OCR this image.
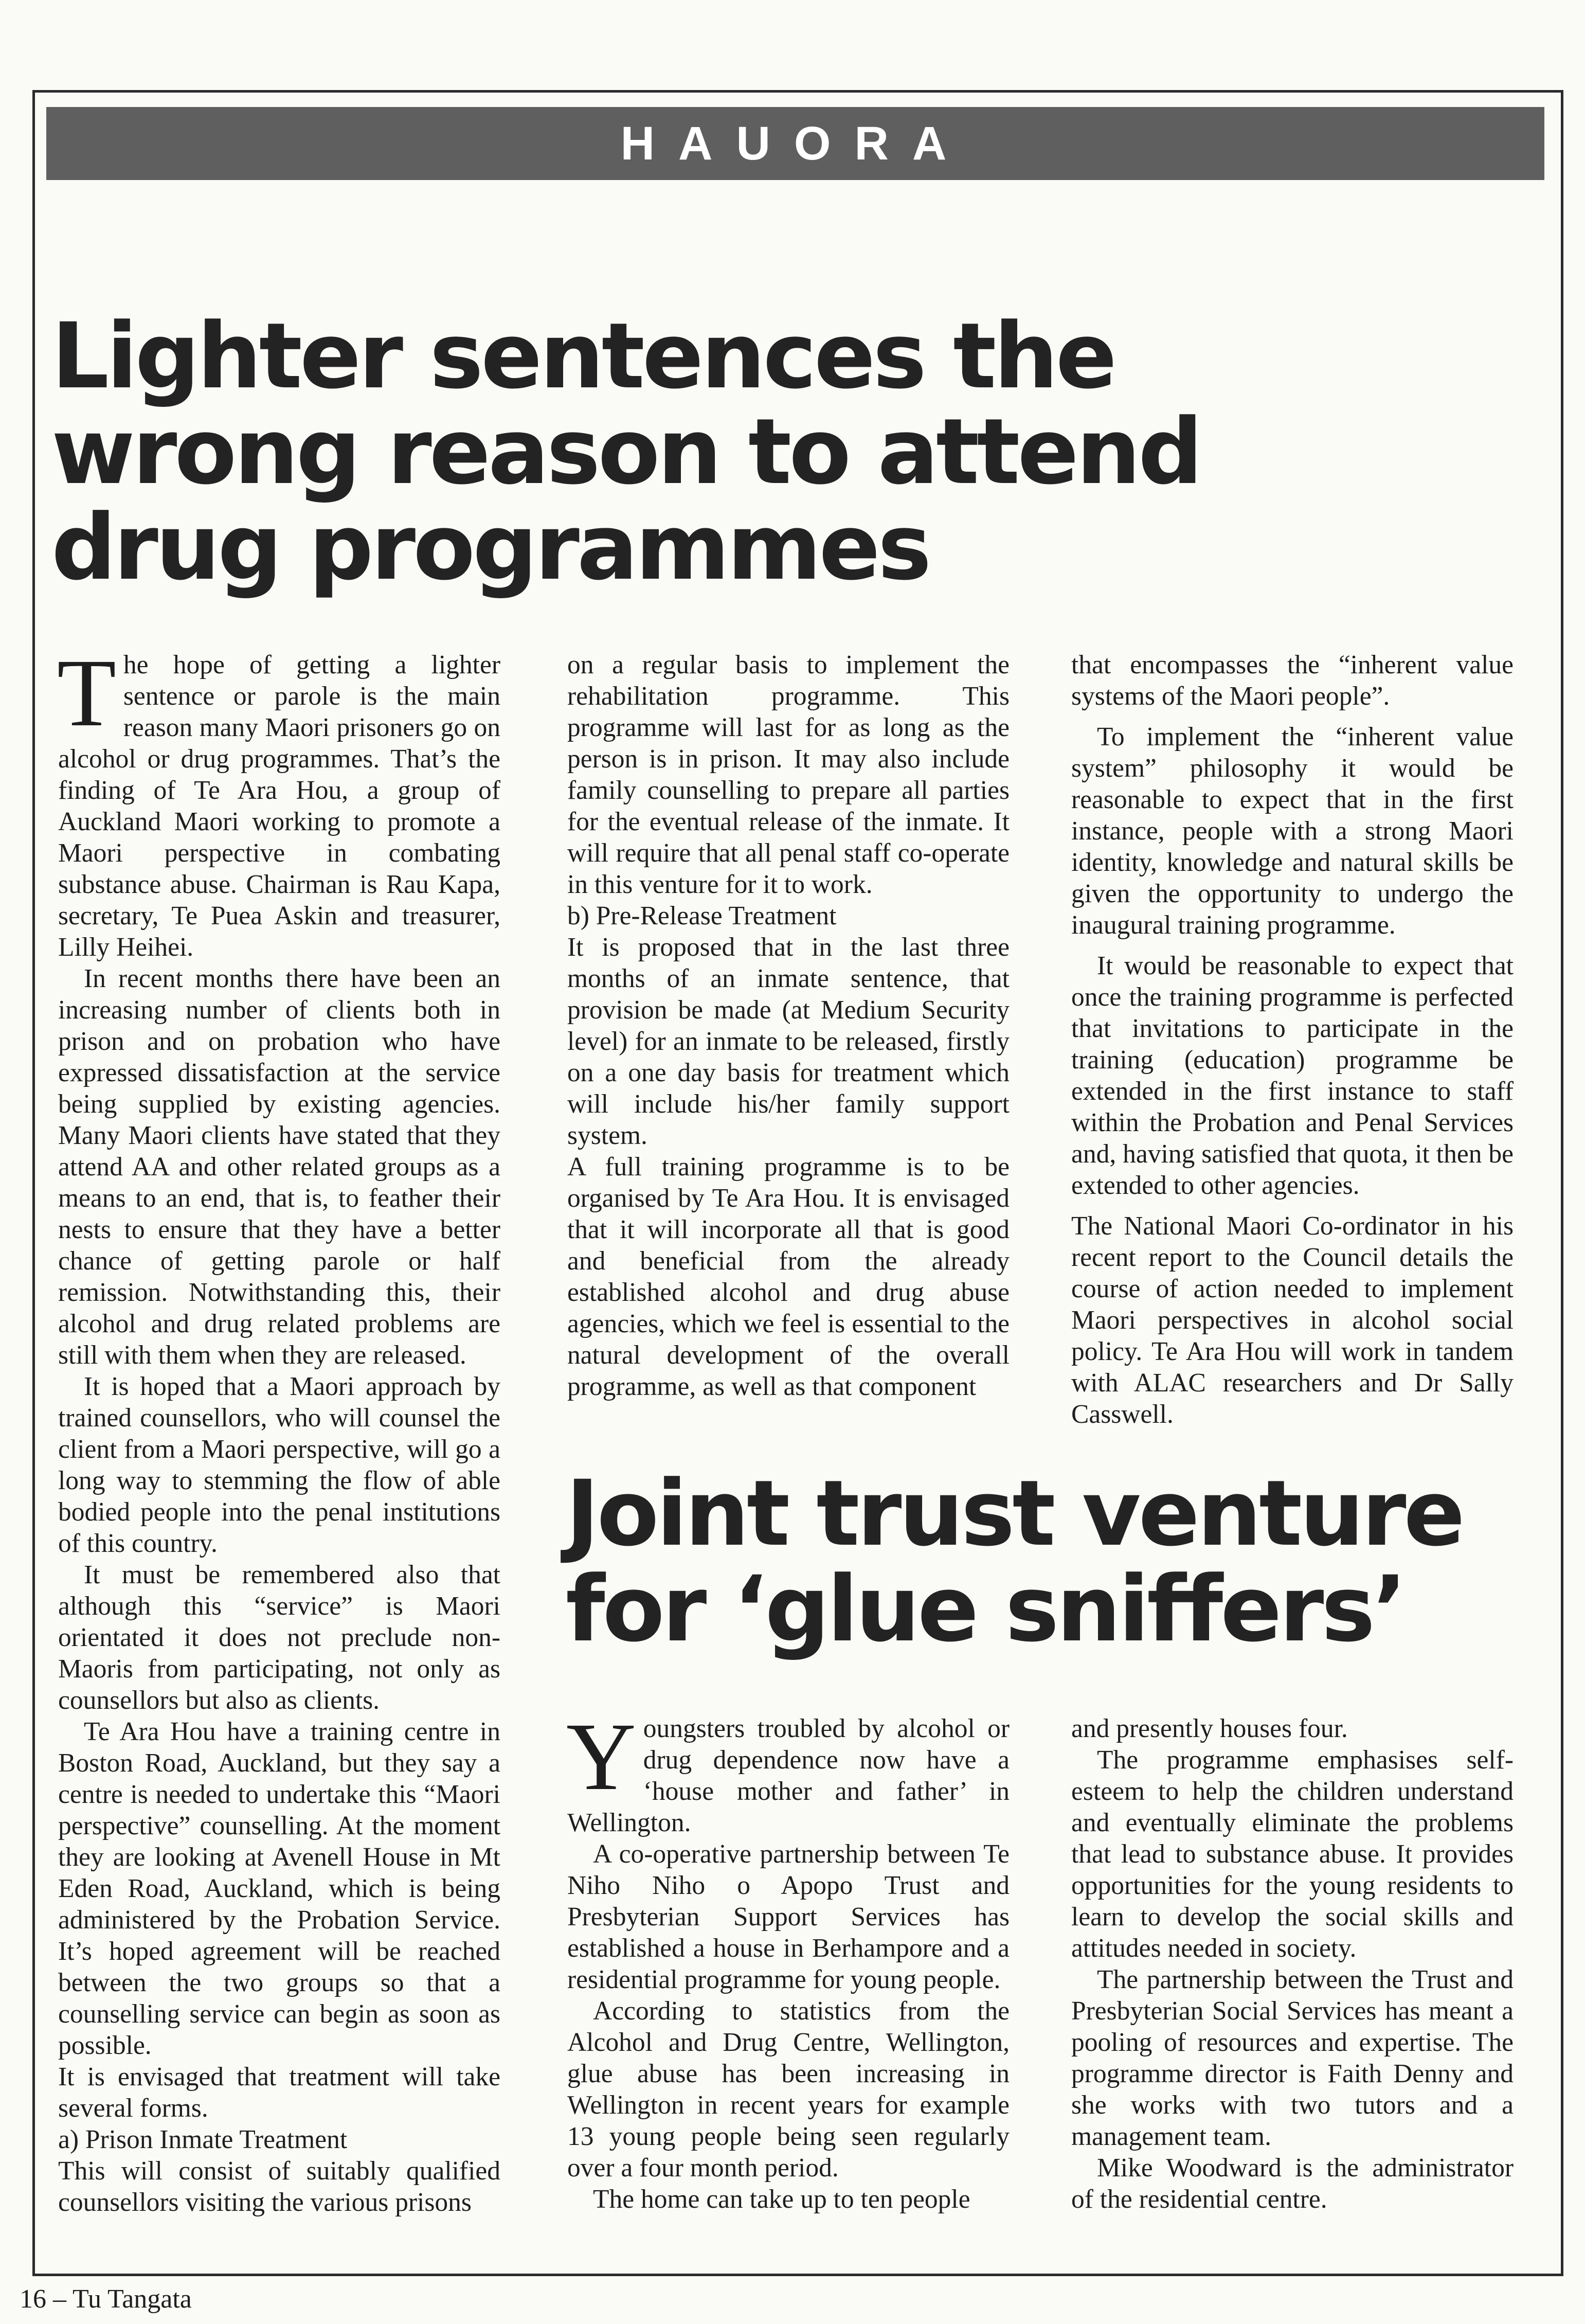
HAUORA
Lighter sentences the wrong reason to attend drug programmes

The hope of getting a lighter sentence or parole is the main reason many Maori prisoners go on alcohol or drug programmes. That’s the finding of Te Ara Hou, a group of Auckland Maori working to promote a Maori perspective in combating substance abuse. Chairman is Rau Kapa, secretary, Te Puea Askin and treasurer, Lilly Heihei.

In recent months there have been an increasing number of clients both in prison and on probation who have expressed dissatisfaction at the service being supplied by existing agencies. Many Maori clients have stated that they attend AA and other related groups as a means to an end, that is, to feather their nests to ensure that they have a better chance of getting parole or half remission. Notwithstanding this, their alcohol and drug related problems are still with them when they are released.

It is hoped that a Maori approach by trained counsellors, who will counsel the client from a Maori perspective, will go a long way to stemming the flow of able bodied people into the penal institutions of this country.

It must be remembered also that although this “service” is Maori orientated it does not preclude non-Maoris from participating, not only as counsellors but also as clients.

Te Ara Hou have a training centre in Boston Road, Auckland, but they say a centre is needed to undertake this “Maori perspective” counselling. At the moment they are looking at Avenell House in Mt Eden Road, Auckland, which is being administered by the Probation Service. It’s hoped agreement will be reached between the two groups so that a counselling service can begin as soon as possible.

It is envisaged that treatment will take several forms.

a) Prison Inmate Treatment

This will consist of suitably qualified counsellors visiting the various prisons

on a regular basis to implement the rehabilitation programme. This programme will last for as long as the person is in prison. It may also include family counselling to prepare all parties for the eventual release of the inmate. It will require that all penal staff co-operate in this venture for it to work.

b) Pre-Release Treatment

It is proposed that in the last three months of an inmate sentence, that provision be made (at Medium Security level) for an inmate to be released, firstly on a one day basis for treatment which will include his/her family support system.

A full training programme is to be organised by Te Ara Hou. It is envisaged that it will incorporate all that is good and beneficial from the already established alcohol and drug abuse agencies, which we feel is essential to the natural development of the overall programme, as well as that component

that encompasses the “inherent value systems of the Maori people”.

To implement the “inherent value system” philosophy it would be reasonable to expect that in the first instance, people with a strong Maori identity, knowledge and natural skills be given the opportunity to undergo the inaugural training programme.

It would be reasonable to expect that once the training programme is perfected that invitations to participate in the training (education) programme be extended in the first instance to staff within the Probation and Penal Services and, having satisfied that quota, it then be extended to other agencies.

The National Maori Co-ordinator in his recent report to the Council details the course of action needed to implement Maori perspectives in alcohol social policy. Te Ara Hou will work in tandem with ALAC researchers and Dr Sally Casswell.

Joint trust venture for ‘glue sniffers’

Youngsters troubled by alcohol or drug dependence now have a ‘house mother and father’ in Wellington.

A co-operative partnership between Te Niho Niho o Apopo Trust and Presbyterian Support Services has established a house in Berhampore and a residential programme for young people.

According to statistics from the Alcohol and Drug Centre, Wellington, glue abuse has been increasing in Wellington in recent years for example 13 young people being seen regularly over a four month period.

The home can take up to ten people

and presently houses four.

The programme emphasises self-esteem to help the children understand and eventually eliminate the problems that lead to substance abuse. It provides opportunities for the young residents to learn to develop the social skills and attitudes needed in society.

The partnership between the Trust and Presbyterian Social Services has meant a pooling of resources and expertise. The programme director is Faith Denny and she works with two tutors and a management team.

Mike Woodward is the administrator of the residential centre.

16 – Tu Tangata
